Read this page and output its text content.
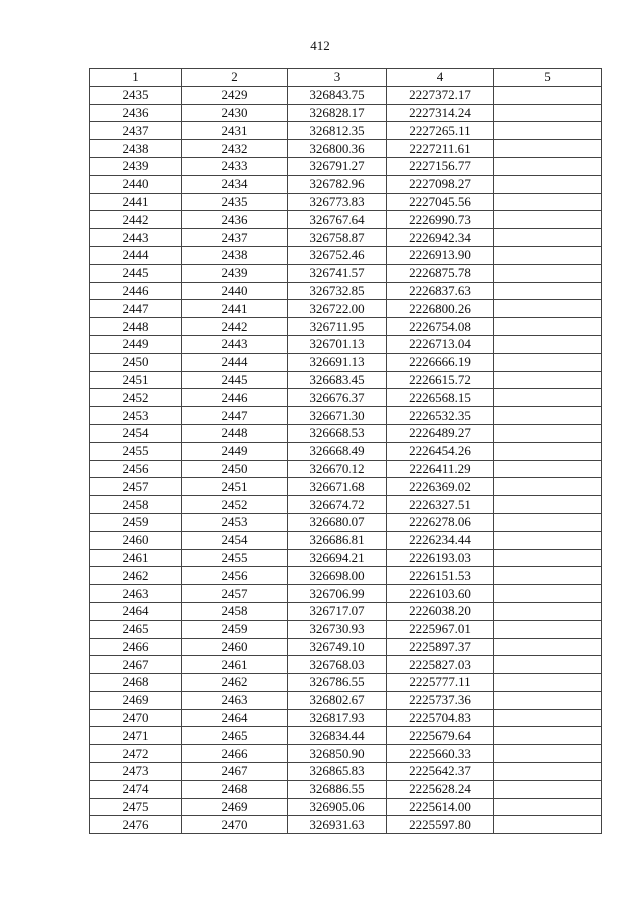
412
1	2	3	4	5
2435	2429	326843.75	2227372.17	
2436	2430	326828.17	2227314.24	
2437	2431	326812.35	2227265.11	
2438	2432	326800.36	2227211.61	
2439	2433	326791.27	2227156.77	
2440	2434	326782.96	2227098.27	
2441	2435	326773.83	2227045.56	
2442	2436	326767.64	2226990.73	
2443	2437	326758.87	2226942.34	
2444	2438	326752.46	2226913.90	
2445	2439	326741.57	2226875.78	
2446	2440	326732.85	2226837.63	
2447	2441	326722.00	2226800.26	
2448	2442	326711.95	2226754.08	
2449	2443	326701.13	2226713.04	
2450	2444	326691.13	2226666.19	
2451	2445	326683.45	2226615.72	
2452	2446	326676.37	2226568.15	
2453	2447	326671.30	2226532.35	
2454	2448	326668.53	2226489.27	
2455	2449	326668.49	2226454.26	
2456	2450	326670.12	2226411.29	
2457	2451	326671.68	2226369.02	
2458	2452	326674.72	2226327.51	
2459	2453	326680.07	2226278.06	
2460	2454	326686.81	2226234.44	
2461	2455	326694.21	2226193.03	
2462	2456	326698.00	2226151.53	
2463	2457	326706.99	2226103.60	
2464	2458	326717.07	2226038.20	
2465	2459	326730.93	2225967.01	
2466	2460	326749.10	2225897.37	
2467	2461	326768.03	2225827.03	
2468	2462	326786.55	2225777.11	
2469	2463	326802.67	2225737.36	
2470	2464	326817.93	2225704.83	
2471	2465	326834.44	2225679.64	
2472	2466	326850.90	2225660.33	
2473	2467	326865.83	2225642.37	
2474	2468	326886.55	2225628.24	
2475	2469	326905.06	2225614.00	
2476	2470	326931.63	2225597.80	
